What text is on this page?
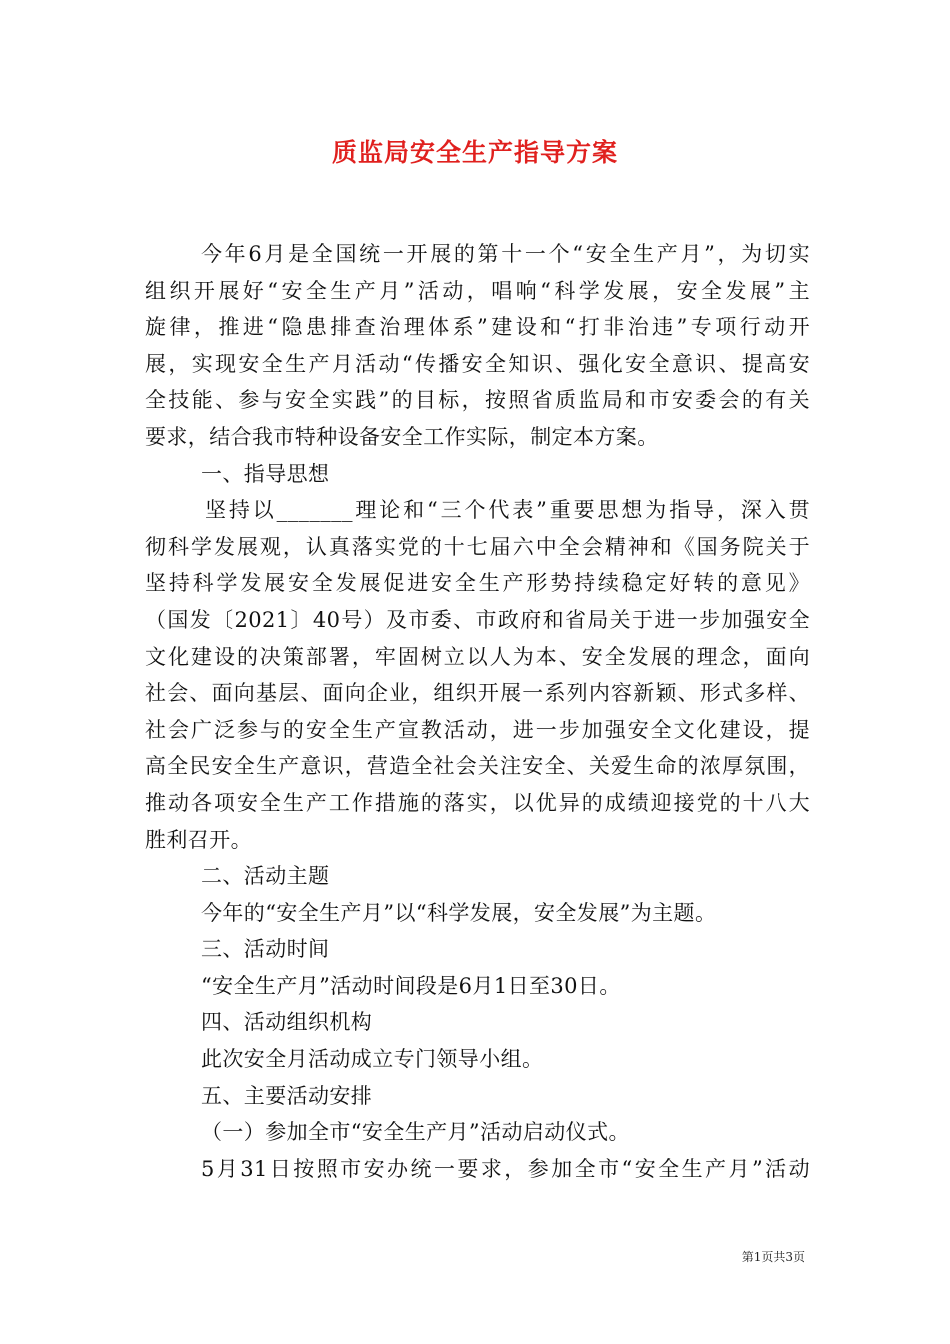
质监局安全生产指导方案

今年6月是全国统一开展的第十一个“安全生产月”，为切实

组织开展好“安全生产月”活动，唱响“科学发展，安全发展”主

旋律，推进“隐患排查治理体系”建设和“打非治违”专项行动开

展，实现安全生产月活动“传播安全知识、强化安全意识、提高安

全技能、参与安全实践”的目标，按照省质监局和市安委会的有关

要求，结合我市特种设备安全工作实际，制定本方案。

一、指导思想

坚持以_______理论和“三个代表”重要思想为指导，深入贯

彻科学发展观，认真落实党的十七届六中全会精神和《国务院关于

坚持科学发展安全发展促进安全生产形势持续稳定好转的意见》

（国发〔2021〕40号）及市委、市政府和省局关于进一步加强安全

文化建设的决策部署，牢固树立以人为本、安全发展的理念，面向

社会、面向基层、面向企业，组织开展一系列内容新颖、形式多样、

社会广泛参与的安全生产宣教活动，进一步加强安全文化建设，提

高全民安全生产意识，营造全社会关注安全、关爱生命的浓厚氛围，

推动各项安全生产工作措施的落实，以优异的成绩迎接党的十八大

胜利召开。

二、活动主题

今年的“安全生产月”以“科学发展，安全发展”为主题。

三、活动时间

“安全生产月”活动时间段是6月1日至30日。

四、活动组织机构

此次安全月活动成立专门领导小组。

五、主要活动安排

（一）参加全市“安全生产月”活动启动仪式。

5月31日按照市安办统一要求，参加全市“安全生产月”活动

第1页共3页
